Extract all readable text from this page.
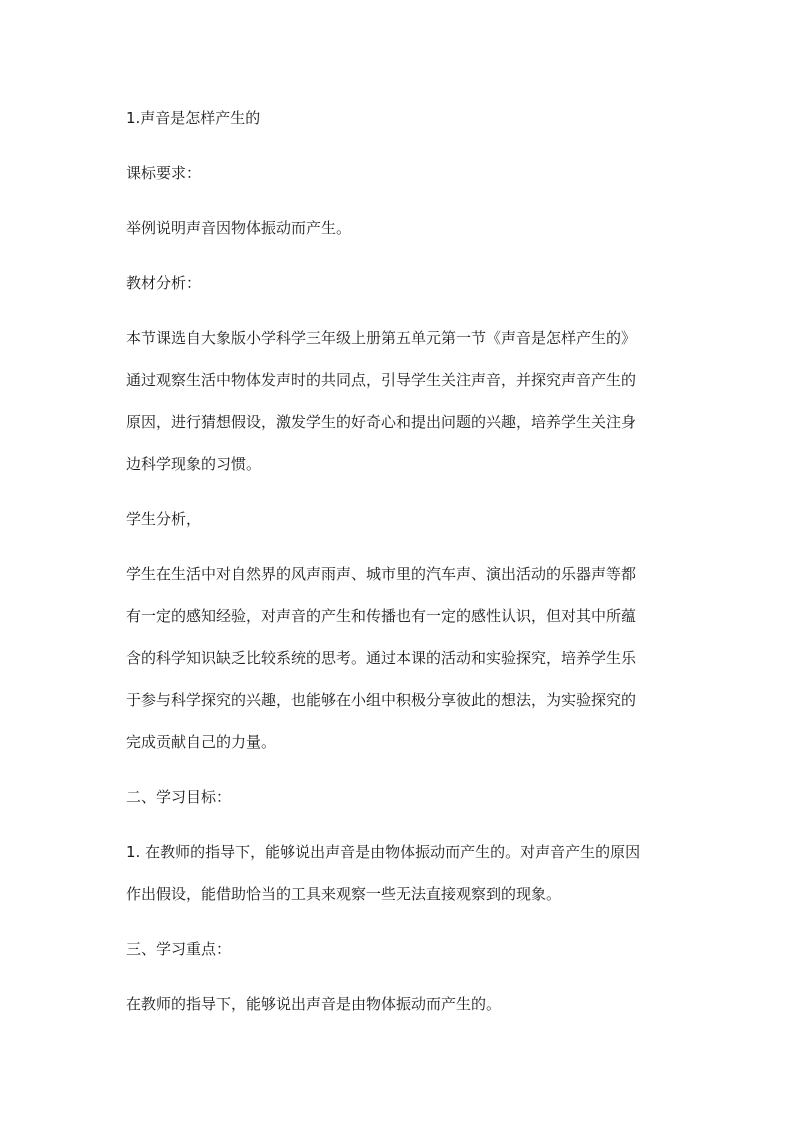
1.声音是怎样产生的

课标要求：

举例说明声音因物体振动而产生。

教材分析：

本节课选自大象版小学科学三年级上册第五单元第一节《声音是怎样产生的》

通过观察生活中物体发声时的共同点，引导学生关注声音，并探究声音产生的

原因，进行猜想假设，激发学生的好奇心和提出问题的兴趣，培养学生关注身

边科学现象的习惯。

学生分析，

学生在生活中对自然界的风声雨声、城市里的汽车声、演出活动的乐器声等都

有一定的感知经验，对声音的产生和传播也有一定的感性认识，但对其中所蕴

含的科学知识缺乏比较系统的思考。通过本课的活动和实验探究，培养学生乐

于参与科学探究的兴趣，也能够在小组中积极分享彼此的想法，为实验探究的

完成贡献自己的力量。

二、学习目标：

1. 在教师的指导下，能够说出声音是由物体振动而产生的。对声音产生的原因

作出假设，能借助恰当的工具来观察一些无法直接观察到的现象。

三、学习重点：

在教师的指导下，能够说出声音是由物体振动而产生的。
